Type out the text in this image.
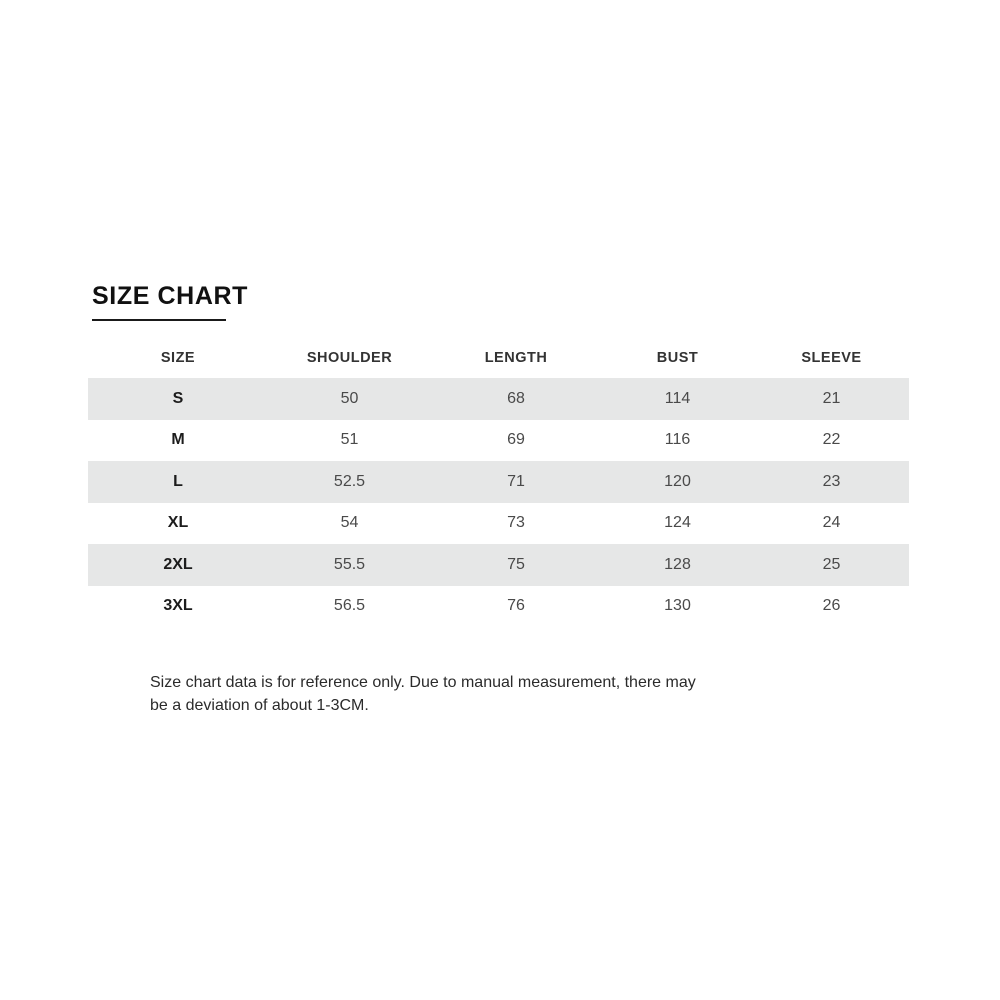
SIZE CHART
SIZE	SHOULDER	LENGTH	BUST	SLEEVE
S	50	68	114	21
M	51	69	116	22
L	52.5	71	120	23
XL	54	73	124	24
2XL	55.5	75	128	25
3XL	56.5	76	130	26
Size chart data is for reference only. Due to manual measurement, there may
be a deviation of about 1-3CM.
